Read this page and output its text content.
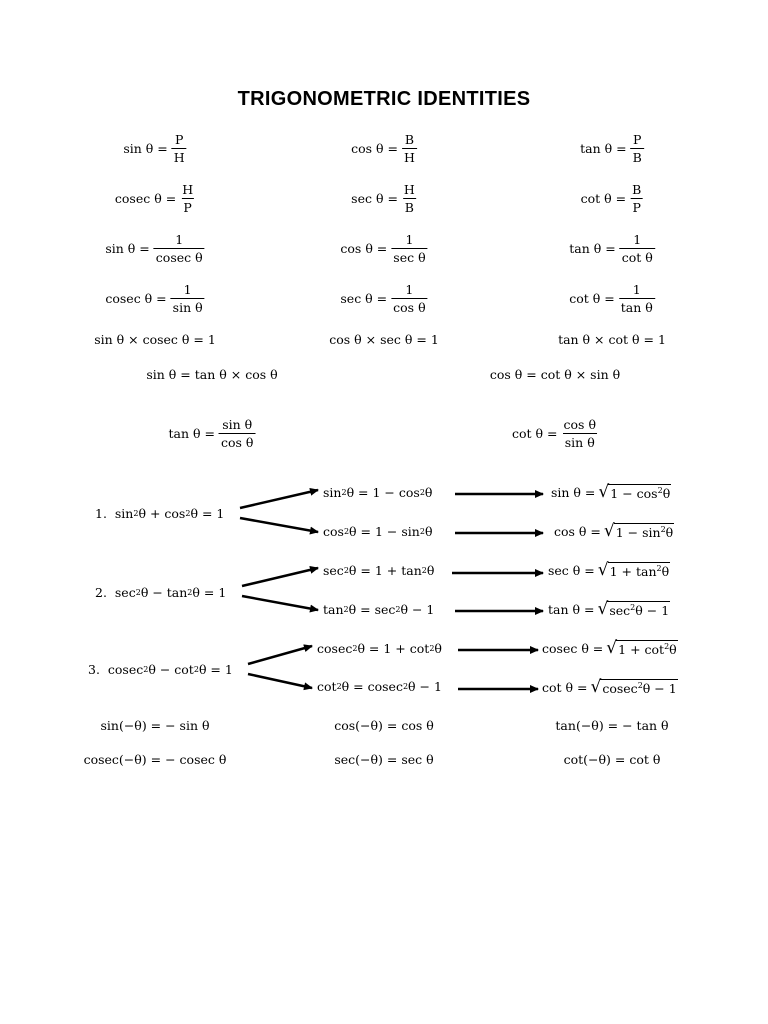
TRIGONOMETRIC IDENTITIES
$\sin \theta = \frac{P}{H}$	$\cos \theta = \frac{B}{H}$	$\tan \theta = \frac{P}{B}$
cosec $\theta = \frac{H}{P}$	$\sec \theta = \frac{H}{B}$	$\cot \theta = \frac{B}{P}$
$\sin \theta = \frac{1}{\text{cosec θ}}$	$\cos \theta = \frac{1}{\text{sec θ}}$	$\tan \theta = \frac{1}{\text{cot θ}}$
cosec $\theta = \frac{1}{\text{sin θ}}$	$\sec \theta = \frac{1}{\text{cos θ}}$	$\cot \theta = \frac{1}{\text{tan θ}}$
sin θ × cosec θ = 1	cos θ × sec θ = 1	tan θ × cot θ = 1
sin θ = tan θ × cos θ	cos θ = cot θ × sin θ
$\tan \theta = \frac{\text{sin θ}}{\text{cos θ}}$	$\cot \theta = \frac{\text{cos θ}}{\text{sin θ}}$
1.
sin 2 θ + cos 2 θ = 1
sin 2 θ = 1 − cos 2 θ
cos 2 θ = 1 − sin 2 θ
sin θ = √ $1 - \cos^2\theta$
cos θ = √ $1 - \sin^2\theta$
2.
sec 2 θ − tan 2 θ = 1
sec 2 θ = 1 + tan 2 θ
tan 2 θ = sec 2 θ − 1
sec θ = √ $1 + \tan^2\theta$
tan θ = √ $\sec^2\theta - 1$
3.
cosec 2 θ − cot 2 θ = 1
cosec 2 θ = 1 + cot 2 θ
cot 2 θ = cosec 2 θ − 1
cosec θ = √ $1 + \cot^2\theta$
cot θ = √ cosec$^2$θ − 1
sin(−θ) = − sin θ	cos(−θ) = cos θ	tan(−θ) = − tan θ
cosec(−θ) = − cosec θ	sec(−θ) = sec θ	cot(−θ) = cot θ
